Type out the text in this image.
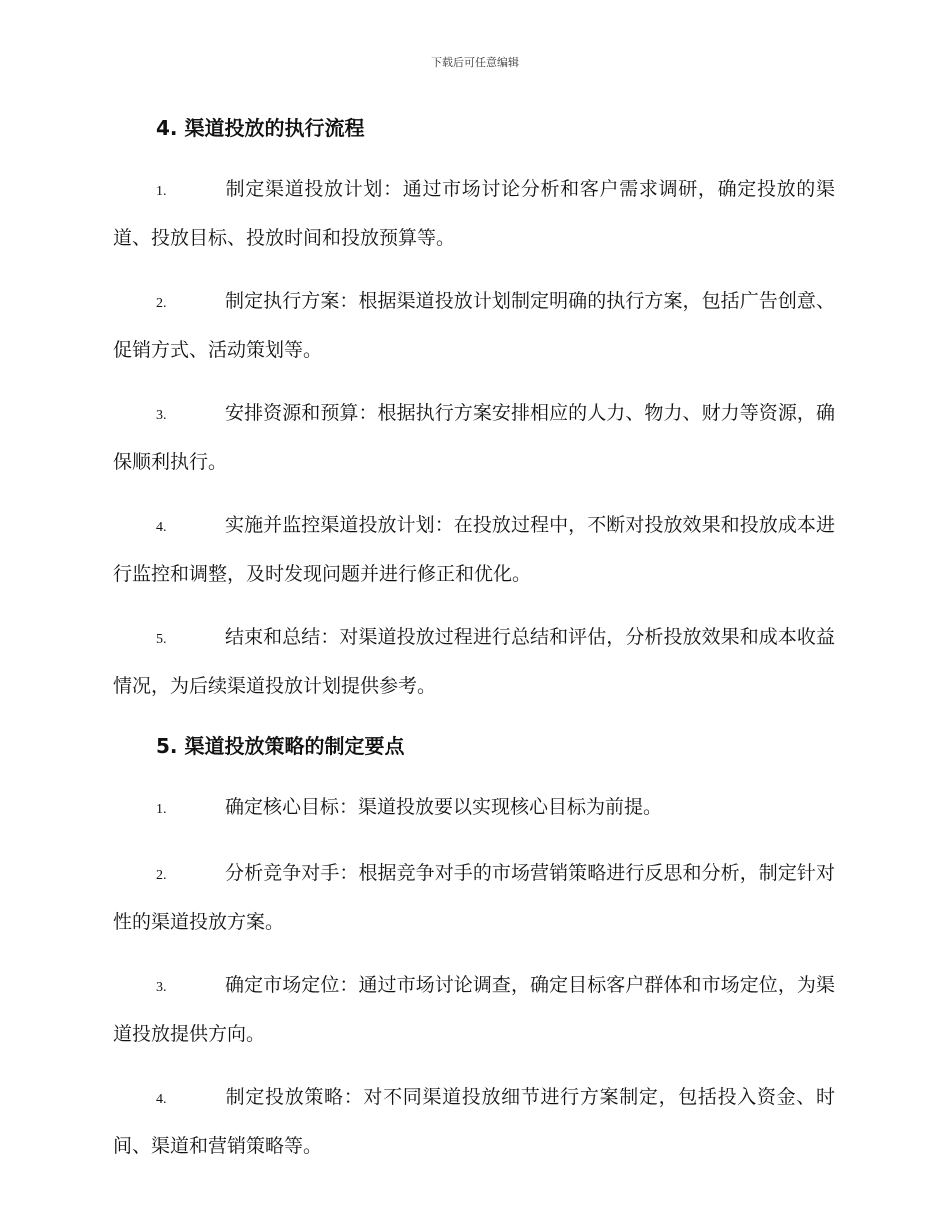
下载后可任意编辑
4. 渠道投放的执行流程

1.	制定渠道投放计划：通过市场讨论分析和客户需求调研，确定投放的渠道、投放目标、投放时间和投放预算等。

2.	制定执行方案：根据渠道投放计划制定明确的执行方案，包括广告创意、促销方式、活动策划等。

3.	安排资源和预算：根据执行方案安排相应的人力、物力、财力等资源，确保顺利执行。

4.	实施并监控渠道投放计划：在投放过程中，不断对投放效果和投放成本进行监控和调整，及时发现问题并进行修正和优化。

5.	结束和总结：对渠道投放过程进行总结和评估，分析投放效果和成本收益情况，为后续渠道投放计划提供参考。

5. 渠道投放策略的制定要点

1.	确定核心目标：渠道投放要以实现核心目标为前提。

2.	分析竞争对手：根据竞争对手的市场营销策略进行反思和分析，制定针对性的渠道投放方案。

3.	确定市场定位：通过市场讨论调查，确定目标客户群体和市场定位，为渠道投放提供方向。

4.	制定投放策略：对不同渠道投放细节进行方案制定，包括投入资金、时间、渠道和营销策略等。
